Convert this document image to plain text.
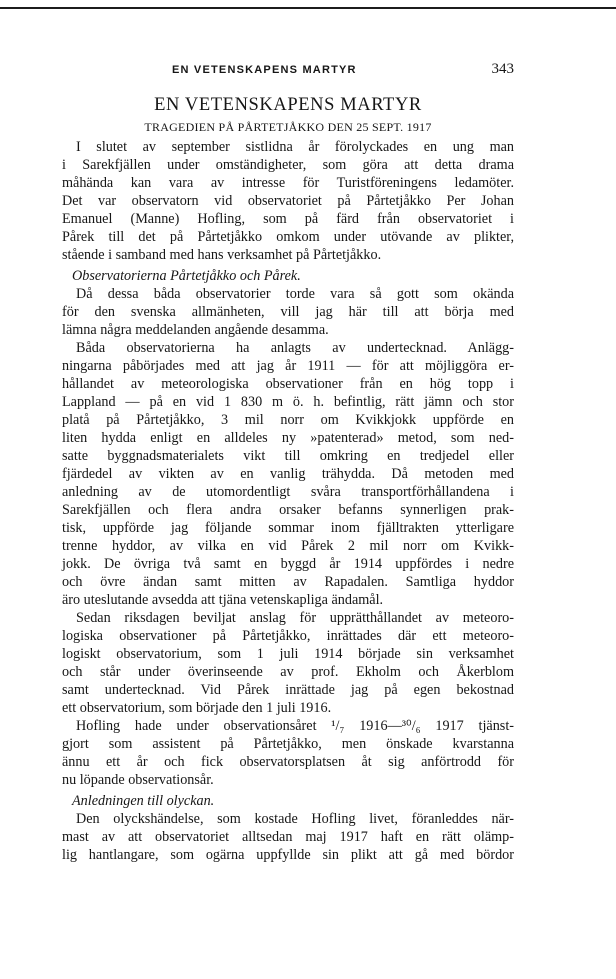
EN VETENSKAPENS MARTYR	343
EN VETENSKAPENS MARTYR
TRAGEDIEN PÅ PÅRTETJÅKKO DEN 25 SEPT. 1917
I slutet av september sistlidna år förolyckades en ung man
i Sarekfjällen under omständigheter, som göra att detta drama
måhända kan vara av intresse för Turistföreningens ledamöter.
Det var observatorn vid observatoriet på Pårtetjåkko Per Johan
Emanuel (Manne) Hofling, som på färd från observatoriet i
Pårek till det på Pårtetjåkko omkom under utövande av plikter,
stående i samband med hans verksamhet på Pårtetjåkko.
Observatorierna Pårtetjåkko och Pårek.
Då dessa båda observatorier torde vara så gott som okända
för den svenska allmänheten, vill jag här till att börja med
lämna några meddelanden angående desamma.
Båda observatorierna ha anlagts av undertecknad. Anlägg-
ningarna påbörjades med att jag år 1911 — för att möjliggöra er-
hållandet av meteorologiska observationer från en hög topp i
Lappland — på en vid 1 830 m ö. h. befintlig, rätt jämn och stor
platå på Pårtetjåkko, 3 mil norr om Kvikkjokk uppförde en
liten hydda enligt en alldeles ny »patenterad» metod, som ned-
satte byggnadsmaterialets vikt till omkring en tredjedel eller
fjärdedel av vikten av en vanlig trähydda. Då metoden med
anledning av de utomordentligt svåra transportförhållandena i
Sarekfjällen och flera andra orsaker befanns synnerligen prak-
tisk, uppförde jag följande sommar inom fjälltrakten ytterligare
trenne hyddor, av vilka en vid Pårek 2 mil norr om Kvikk-
jokk. De övriga två samt en byggd år 1914 uppfördes i nedre
och övre ändan samt mitten av Rapadalen. Samtliga hyddor
äro uteslutande avsedda att tjäna vetenskapliga ändamål.
Sedan riksdagen beviljat anslag för upprätthållandet av meteoro-
logiska observationer på Pårtetjåkko, inrättades där ett meteoro-
logiskt observatorium, som 1 juli 1914 började sin verksamhet
och står under överinseende av prof. Ekholm och Åkerblom
samt undertecknad. Vid Pårek inrättade jag på egen bekostnad
ett observatorium, som började den 1 juli 1916.
Hofling hade under observationsåret ¹/₇ 1916—³⁰/₆ 1917 tjänst-
gjort som assistent på Pårtetjåkko, men önskade kvarstanna
ännu ett år och fick observatorsplatsen åt sig anförtrodd för
nu löpande observationsår.
Anledningen till olyckan.
Den olyckshändelse, som kostade Hofling livet, föranleddes när-
mast av att observatoriet alltsedan maj 1917 haft en rätt olämp-
lig hantlangare, som ogärna uppfyllde sin plikt att gå med bördor
